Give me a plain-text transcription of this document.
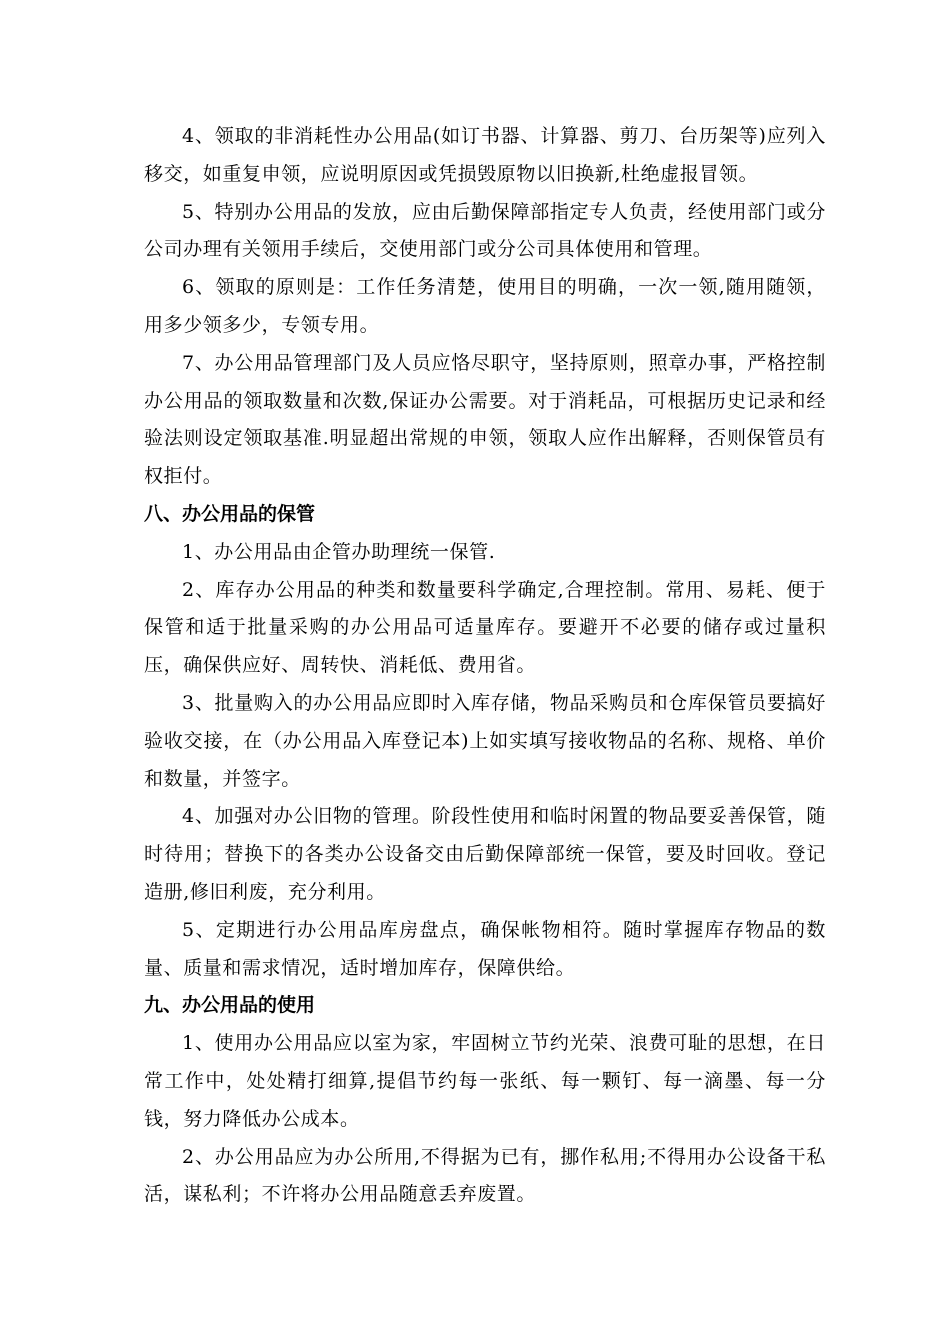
4、领取的非消耗性办公用品(如订书器、计算器、剪刀、台历架等)应列入移交，如重复申领，应说明原因或凭损毁原物以旧换新,杜绝虚报冒领。

5、特别办公用品的发放，应由后勤保障部指定专人负责，经使用部门或分公司办理有关领用手续后，交使用部门或分公司具体使用和管理。

6、领取的原则是：工作任务清楚，使用目的明确，一次一领,随用随领，用多少领多少，专领专用。

7、办公用品管理部门及人员应恪尽职守，坚持原则，照章办事，严格控制办公用品的领取数量和次数,保证办公需要。对于消耗品，可根据历史记录和经验法则设定领取基准.明显超出常规的申领，领取人应作出解释，否则保管员有权拒付。

八、办公用品的保管

1、办公用品由企管办助理统一保管.

2、库存办公用品的种类和数量要科学确定,合理控制。常用、易耗、便于保管和适于批量采购的办公用品可适量库存。要避开不必要的储存或过量积压，确保供应好、周转快、消耗低、费用省。

3、批量购入的办公用品应即时入库存储，物品采购员和仓库保管员要搞好验收交接，在（办公用品入库登记本)上如实填写接收物品的名称、规格、单价和数量，并签字。

4、加强对办公旧物的管理。阶段性使用和临时闲置的物品要妥善保管，随时待用；替换下的各类办公设备交由后勤保障部统一保管，要及时回收。登记造册,修旧利废，充分利用。

5、定期进行办公用品库房盘点，确保帐物相符。随时掌握库存物品的数量、质量和需求情况，适时增加库存，保障供给。

九、办公用品的使用

1、使用办公用品应以室为家，牢固树立节约光荣、浪费可耻的思想，在日常工作中，处处精打细算,提倡节约每一张纸、每一颗钉、每一滴墨、每一分钱，努力降低办公成本。

2、办公用品应为办公所用,不得据为已有，挪作私用;不得用办公设备干私活，谋私利；不许将办公用品随意丢弃废置。
